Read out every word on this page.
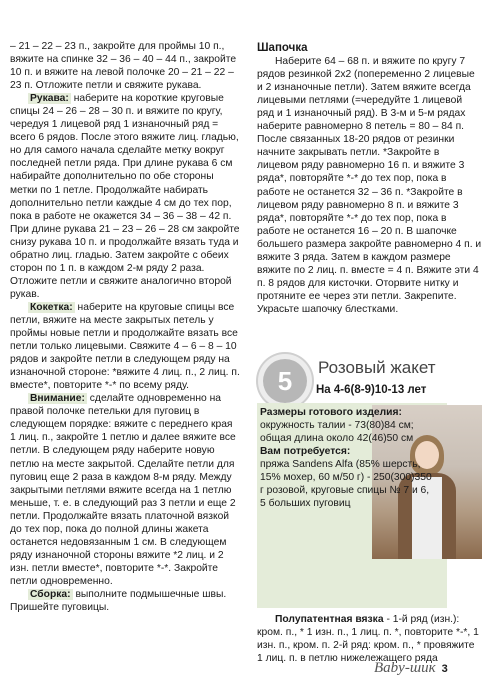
– 21 – 22 – 23 п., закройте для проймы 10 п., вяжите на спинке 32 – 36 – 40 – 44 п., закройте 10 п. и вяжите на левой полочке 20 – 21 – 22 – 23 п. Отложите петли и свяжите рукава.

Рукава: наберите на короткие круговые спицы 24 – 26 – 28 – 30 п. и вяжите по кругу, чередуя 1 лицевой ряд 1 изнаночный ряд = всего 6 рядов. После этого вяжите лиц. гладью, но для самого начала сделайте метку вокруг последней петли ряда. При длине рукава 6 см набирайте дополнительно по обе стороны метки по 1 петле. Продолжайте набирать дополнительно петли каждые 4 см до тех пор, пока в работе не окажется 34 – 36 – 38 – 42 п. При длине рукава 21 – 23 – 26 – 28 см закройте снизу рукава 10 п. и продолжайте вязать туда и обратно лиц. гладью. Затем закройте с обеих сторон по 1 п. в каждом 2-м ряду 2 раза. Отложите петли и свяжите аналогично второй рукав.

Кокетка: наберите на круговые спицы все петли, вяжите на месте закрытых петель у проймы новые петли и продолжайте вязать все петли только лицевыми. Свяжите 4 – 6 – 8 – 10 рядов и закройте петли в следующем ряду на изнаночной стороне: *вяжите 4 лиц. п., 2 лиц. п. вместе*, повторите *-* по всему ряду.

Внимание: сделайте одновременно на правой полочке петельки для пуговиц в следующем порядке: вяжите с переднего края 1 лиц. п., закройте 1 петлю и далее вяжите все петли. В следующем ряду наберите новую петлю на месте закрытой. Сделайте петли для пуговиц еще 2 раза в каждом 8-м ряду. Между закрытыми петлями вяжите всегда на 1 петлю меньше, т. е. в следующий раз 3 петли и еще 2 петли. Продолжайте вязать платочной вязкой до тех пор, пока до полной длины жакета останется недовязанным 1 см. В следующем ряду изнаночной стороны вяжите *2 лиц. и 2 изн. петли вместе*, повторите *-*. Закройте петли одновременно.

Сборка: выполните подмышечные швы. Пришейте пуговицы.

Шапочка

Наберите 64 – 68 п. и вяжите по кругу 7 рядов резинкой 2x2 (попеременно 2 лицевые и 2 изнаночные петли). Затем вяжите всегда лицевыми петлями (=чередуйте 1 лицевой ряд и 1 изнаночный ряд). В 3-м и 5-м рядах наберите равномерно 8 петель = 80 – 84 п. После связанных 18-20 рядов от резинки начните закрывать петли. *Закройте в лицевом ряду равномерно 16 п. и вяжите 3 ряда*, повторяйте *-* до тех пор, пока в работе не останется 32 – 36 п. *Закройте в лицевом ряду равномерно 8 п. и вяжите 3 ряда*, повторяйте *-* до тех пор, пока в работе не останется 16 – 20 п. В шапочке большего размера закройте равномерно 4 п. и вяжите 3 ряда. Затем в каждом размере вяжите по 2 лиц. п. вместе = 4 п. Вяжите эти 4 п. 8 рядов для кисточки. Оторвите нитку и протяните ее через эти петли. Закрепите. Украсьте шапочку блестками.

5	Розовый жакет
На 4-6(8-9)10-13 лет
Размеры готового изделия: окружность талии - 73(80)84 см; общая длина около 42(46)50 см
Вам потребуется:
пряжа Sandens Alfa (85% шерсть, 15% мохер, 60 м/50 г) - 250(300)350 г розовой, круговые спицы № 7 и 6, 5 больших пуговиц

Полупатентная вязка - 1-й ряд (изн.): кром. п., * 1 изн. п., 1 лиц. п. *, повторите *-*, 1 изн. п., кром. п. 2-й ряд: кром. п., * провяжите 1 лиц. п. в петлю нижележащего ряда

Baby-шик 3
